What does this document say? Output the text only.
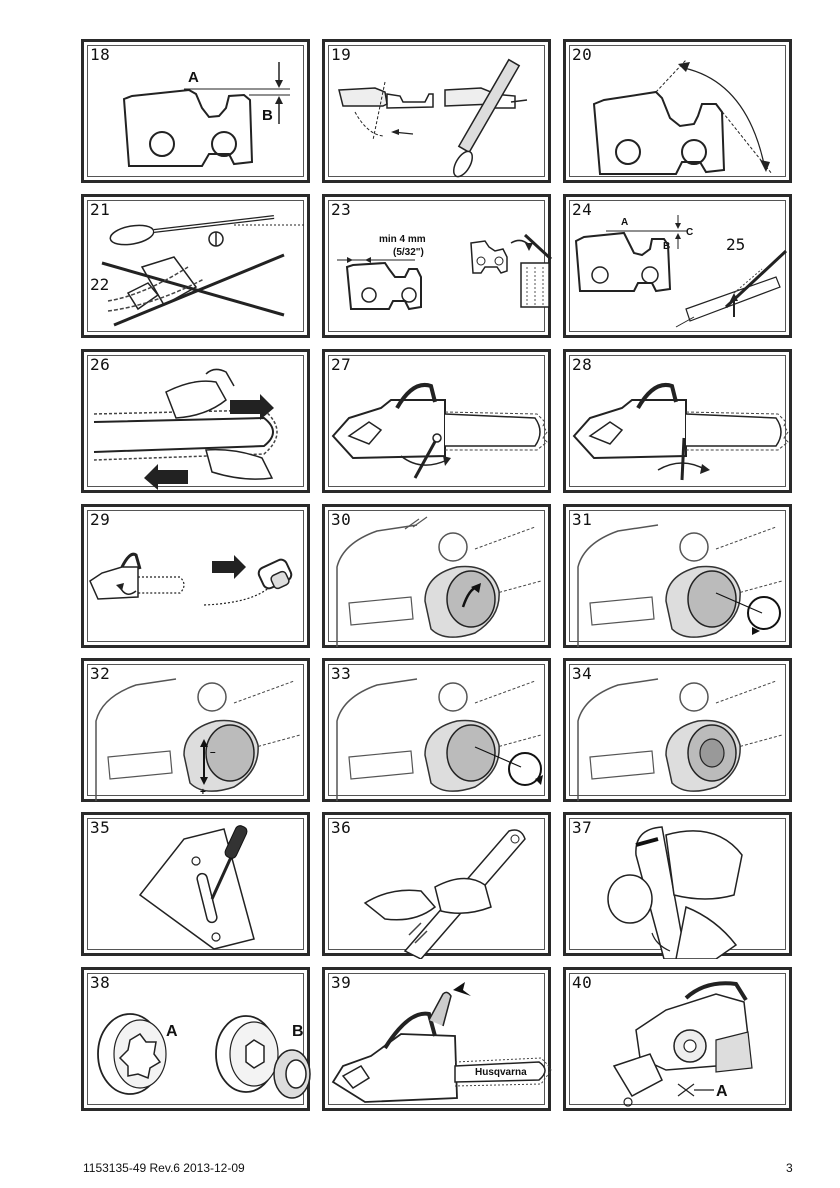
18
A
B
19	20
21
22
23
min 4 mm
(5/32")
24
25
A
B
C
26	27	28
29	30	31
32
–
+
33	34
35	36	37
38
A	B
39
Husqvarna
40
A
1153135-49 Rev.6 2013-12-09	3
